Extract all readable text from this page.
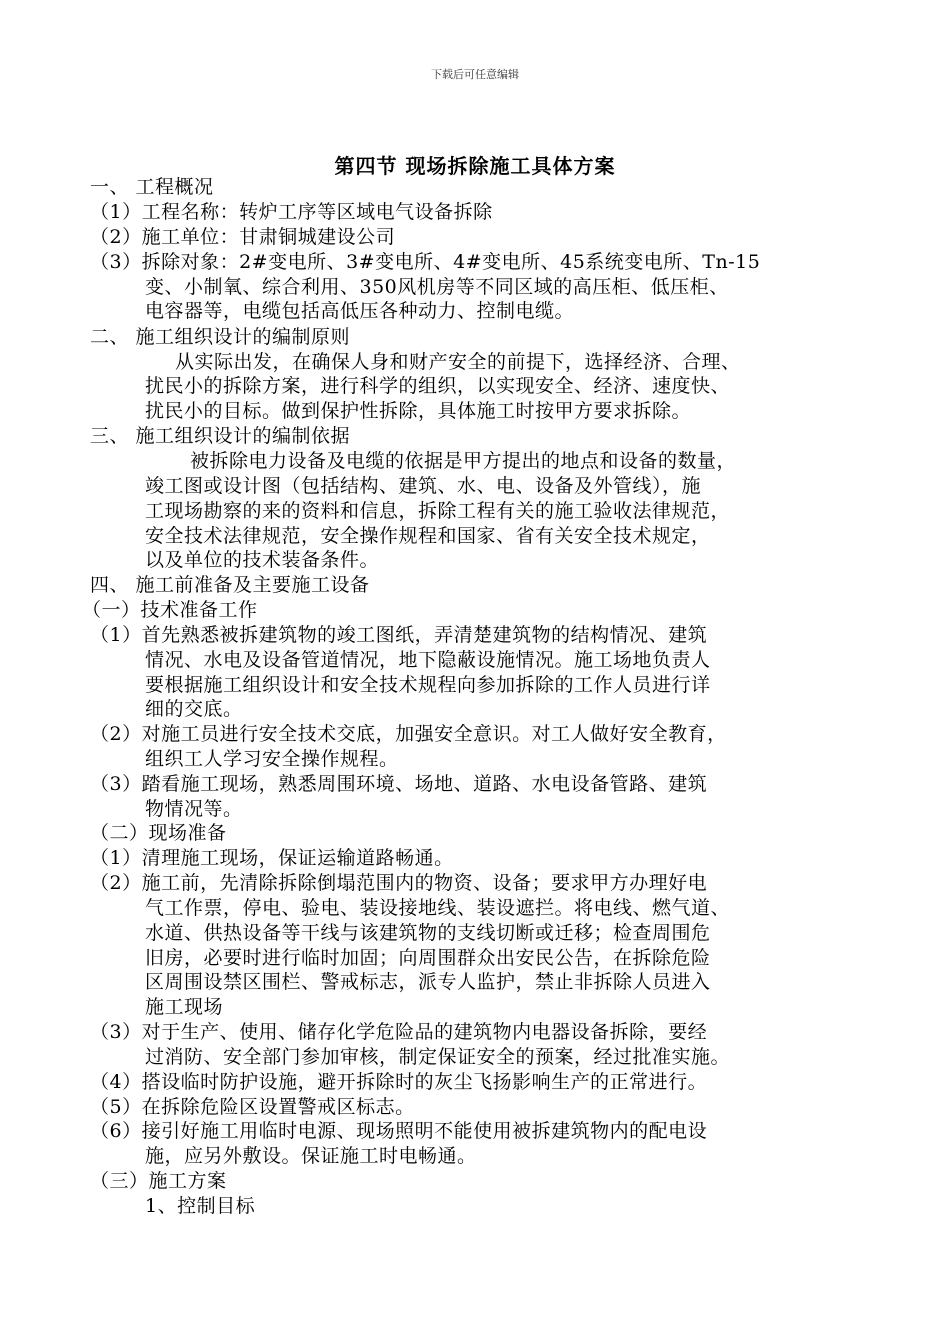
下载后可任意编辑
第四节 现场拆除施工具体方案
一、 工程概况
（1）工程名称：转炉工序等区域电气设备拆除
（2）施工单位：甘肃铜城建设公司
（3）拆除对象：2#变电所、3#变电所、4#变电所、45系统变电所、Tn-15
变、小制氧、综合利用、350风机房等不同区域的高压柜、低压柜、
电容器等，电缆包括高低压各种动力、控制电缆。
二、 施工组织设计的编制原则
从实际出发，在确保人身和财产安全的前提下，选择经济、合理、
扰民小的拆除方案，进行科学的组织，以实现安全、经济、速度快、
扰民小的目标。做到保护性拆除，具体施工时按甲方要求拆除。
三、 施工组织设计的编制依据
被拆除电力设备及电缆的依据是甲方提出的地点和设备的数量，
竣工图或设计图（包括结构、建筑、水、电、设备及外管线），施
工现场勘察的来的资料和信息，拆除工程有关的施工验收法律规范，
安全技术法律规范，安全操作规程和国家、省有关安全技术规定，
以及单位的技术装备条件。
四、 施工前准备及主要施工设备
（一）技术准备工作
（1）首先熟悉被拆建筑物的竣工图纸，弄清楚建筑物的结构情况、建筑
情况、水电及设备管道情况，地下隐蔽设施情况。施工场地负责人
要根据施工组织设计和安全技术规程向参加拆除的工作人员进行详
细的交底。
（2）对施工员进行安全技术交底，加强安全意识。对工人做好安全教育，
组织工人学习安全操作规程。
（3）踏看施工现场，熟悉周围环境、场地、道路、水电设备管路、建筑
物情况等。
（二）现场准备
（1）清理施工现场，保证运输道路畅通。
（2）施工前，先清除拆除倒塌范围内的物资、设备；要求甲方办理好电
气工作票，停电、验电、装设接地线、装设遮拦。将电线、燃气道、
水道、供热设备等干线与该建筑物的支线切断或迁移；检查周围危
旧房，必要时进行临时加固；向周围群众出安民公告，在拆除危险
区周围设禁区围栏、警戒标志，派专人监护，禁止非拆除人员进入
施工现场
（3）对于生产、使用、储存化学危险品的建筑物内电器设备拆除，要经
过消防、安全部门参加审核，制定保证安全的预案，经过批准实施。
（4）搭设临时防护设施，避开拆除时的灰尘飞扬影响生产的正常进行。
（5）在拆除危险区设置警戒区标志。
（6）接引好施工用临时电源、现场照明不能使用被拆建筑物内的配电设
施，应另外敷设。保证施工时电畅通。
（三）施工方案
1、控制目标
